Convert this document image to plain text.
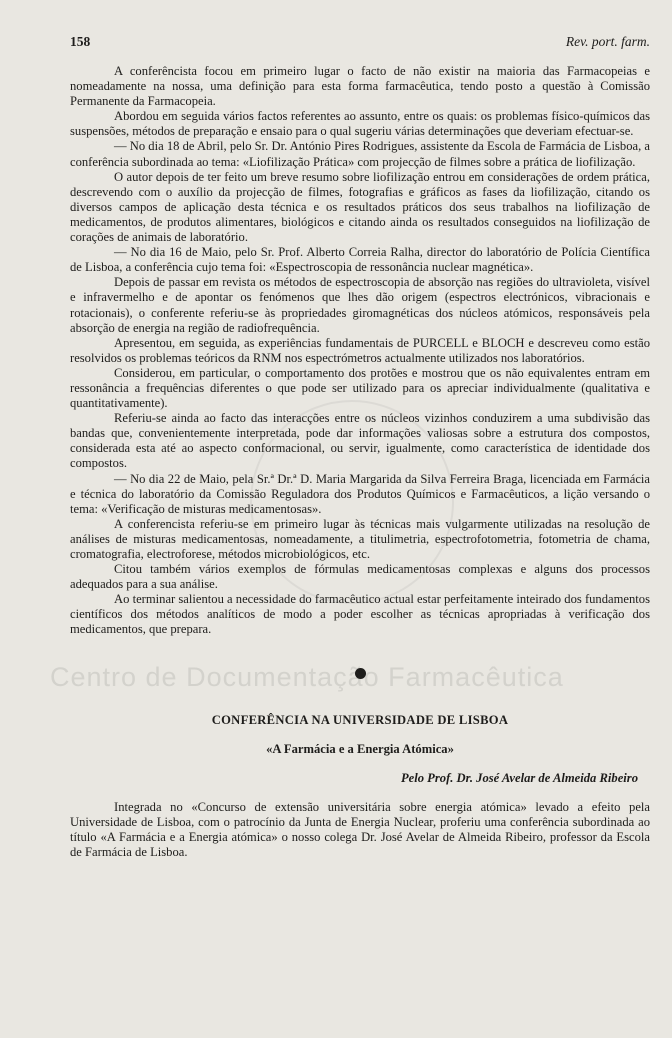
158	Rev. port. farm.

A conferêncista focou em primeiro lugar o facto de não existir na maioria das Farmacopeias e nomeadamente na nossa, uma definição para esta forma farmacêutica, tendo posto a questão à Comissão Permanente da Farmacopeia.

Abordou em seguida vários factos referentes ao assunto, entre os quais: os problemas físico-químicos das suspensões, métodos de preparação e ensaio para o qual sugeriu várias determinações que deveriam efectuar-se.

— No dia 18 de Abril, pelo Sr. Dr. António Pires Rodrigues, assistente da Escola de Farmácia de Lisboa, a conferência subordinada ao tema: «Liofilização Prática» com projecção de filmes sobre a prática de liofilização.

O autor depois de ter feito um breve resumo sobre liofilização entrou em considerações de ordem prática, descrevendo com o auxílio da projecção de filmes, fotografias e gráficos as fases da liofilização, citando os diversos campos de aplicação desta técnica e os resultados práticos dos seus trabalhos na liofilização de medicamentos, de produtos alimentares, biológicos e citando ainda os resultados conseguidos na liofilização de corações de animais de laboratório.

— No dia 16 de Maio, pelo Sr. Prof. Alberto Correia Ralha, director do laboratório de Polícia Científica de Lisboa, a conferência cujo tema foi: «Espectroscopia de ressonância nuclear magnética».

Depois de passar em revista os métodos de espectroscopia de absorção nas regiões do ultravioleta, visível e infravermelho e de apontar os fenómenos que lhes dão origem (espectros electrónicos, vibracionais e rotacionais), o conferente referiu-se às propriedades giromagnéticas dos núcleos atómicos, responsáveis pela absorção de energia na região de radiofrequência.

Apresentou, em seguida, as experiências fundamentais de PURCELL e BLOCH e descreveu como estão resolvidos os problemas teóricos da RNM nos espectrómetros actualmente utilizados nos laboratórios.

Considerou, em particular, o comportamento dos protões e mostrou que os não equivalentes entram em ressonância a frequências diferentes o que pode ser utilizado para os apreciar individualmente (qualitativa e quantitativamente).

Referiu-se ainda ao facto das interacções entre os núcleos vizinhos conduzirem a uma subdivisão das bandas que, convenientemente interpretada, pode dar informações valiosas sobre a estrutura dos compostos, considerada esta até ao aspecto conformacional, ou servir, igualmente, como característica de identidade dos compostos.

— No dia 22 de Maio, pela Sr.ª Dr.ª D. Maria Margarida da Silva Ferreira Braga, licenciada em Farmácia e técnica do laboratório da Comissão Reguladora dos Produtos Químicos e Farmacêuticos, a lição versando o tema: «Verificação de misturas medicamentosas».

A conferencista referiu-se em primeiro lugar às técnicas mais vulgarmente utilizadas na resolução de análises de misturas medicamentosas, nomeadamente, a titulimetria, espectrofotometria, fotometria de chama, cromatografia, electroforese, métodos microbiológicos, etc.

Citou também vários exemplos de fórmulas medicamentosas complexas e alguns dos processos adequados para a sua análise.

Ao terminar salientou a necessidade do farmacêutico actual estar perfeitamente inteirado dos fundamentos científicos dos métodos analíticos de modo a poder escolher as técnicas apropriadas à verificação dos medicamentos, que prepara.

CONFERÊNCIA NA UNIVERSIDADE DE LISBOA
«A Farmácia e a Energia Atómica»
Pelo Prof. Dr. José Avelar de Almeida Ribeiro

Integrada no «Concurso de extensão universitária sobre energia atómica» levado a efeito pela Universidade de Lisboa, com o patrocínio da Junta de Energia Nuclear, proferiu uma conferência subordinada ao título «A Farmácia e a Energia atómica» o nosso colega Dr. José Avelar de Almeida Ribeiro, professor da Escola de Farmácia de Lisboa.

Centro de Documentação Farmacêutica
